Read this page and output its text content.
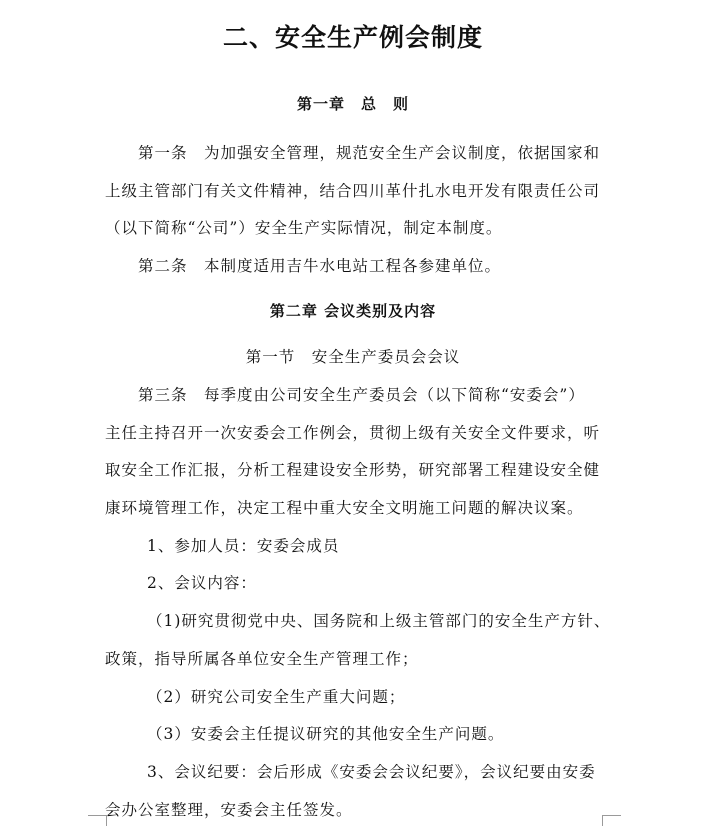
二、安全生产例会制度
第一章　总　则
第一条　为加强安全管理，规范安全生产会议制度，依据国家和
上级主管部门有关文件精神，结合四川革什扎水电开发有限责任公司
（以下简称“公司”）安全生产实际情况，制定本制度。
第二条　本制度适用吉牛水电站工程各参建单位。
第二章 会议类别及内容
第一节　安全生产委员会会议
第三条　每季度由公司安全生产委员会（以下简称“安委会”）
主任主持召开一次安委会工作例会，贯彻上级有关安全文件要求，听
取安全工作汇报，分析工程建设安全形势，研究部署工程建设安全健
康环境管理工作，决定工程中重大安全文明施工问题的解决议案。
1、参加人员：安委会成员
2、会议内容：
（1)研究贯彻党中央、国务院和上级主管部门的安全生产方针、
政策，指导所属各单位安全生产管理工作；
（2）研究公司安全生产重大问题；
（3）安委会主任提议研究的其他安全生产问题。
3、会议纪要：会后形成《安委会会议纪要》，会议纪要由安委
会办公室整理，安委会主任签发。
